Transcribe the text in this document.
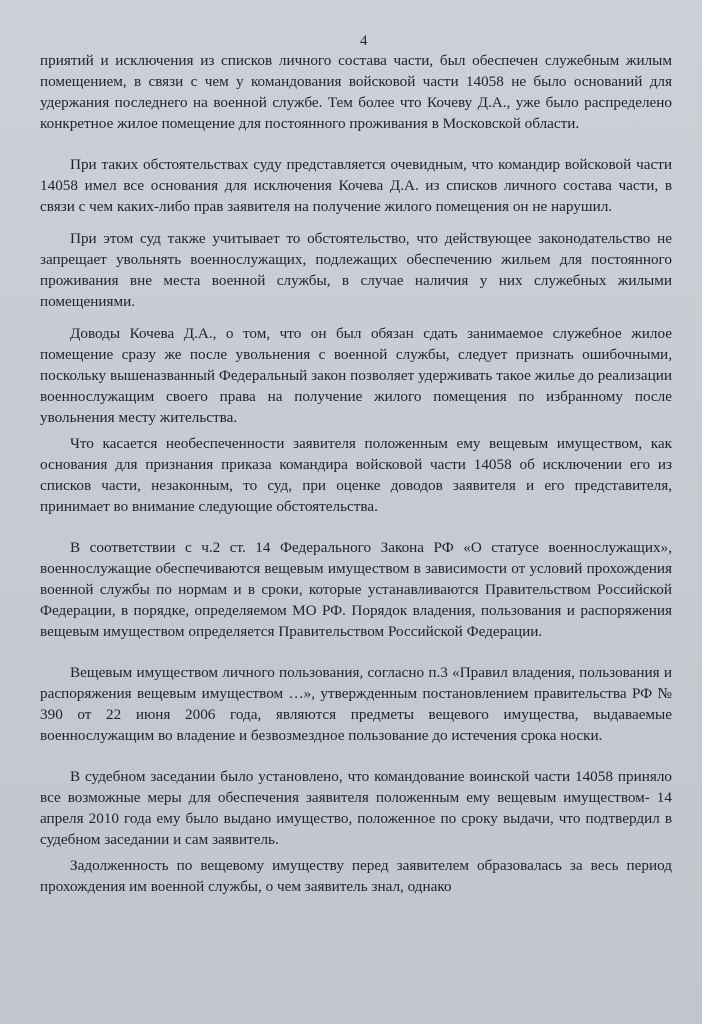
4

приятий и исключения из списков личного состава части, был обеспечен служебным жилым помещением, в связи с чем у командования войсковой части 14058 не было оснований для удержания последнего на военной службе. Тем более что Кочеву Д.А., уже было распределено конкретное жилое помещение для постоянного проживания в Московской области.

При таких обстоятельствах суду представляется очевидным, что командир войсковой части 14058 имел все основания для исключения Кочева Д.А. из списков личного состава части, в связи с чем каких-либо прав заявителя на получение жилого помещения он не нарушил.

При этом суд также учитывает то обстоятельство, что действующее законодательство не запрещает увольнять военнослужащих, подлежащих обеспечению жильем для постоянного проживания вне места военной службы, в случае наличия у них служебных жилыми помещениями.

Доводы Кочева Д.А., о том, что он был обязан сдать занимаемое служебное жилое помещение сразу же после увольнения с военной службы, следует признать ошибочными, поскольку вышеназванный Федеральный закон позволяет удерживать такое жилье до реализации военнослужащим своего права на получение жилого помещения по избранному после увольнения месту жительства.

Что касается необеспеченности заявителя положенным ему вещевым имуществом, как основания для признания приказа командира войсковой части 14058 об исключении его из списков части, незаконным, то суд, при оценке доводов заявителя и его представителя, принимает во внимание следующие обстоятельства.

В соответствии с ч.2 ст. 14 Федерального Закона РФ «О статусе военнослужащих», военнослужащие обеспечиваются вещевым имуществом в зависимости от условий прохождения военной службы по нормам и в сроки, которые устанавливаются Правительством Российской Федерации, в порядке, определяемом МО РФ. Порядок владения, пользования и распоряжения вещевым имуществом определяется Правительством Российской Федерации.

Вещевым имуществом личного пользования, согласно п.3 «Правил владения, пользования и распоряжения вещевым имуществом …», утвержденным постановлением правительства РФ № 390 от 22 июня 2006 года, являются предметы вещевого имущества, выдаваемые военнослужащим во владение и безвозмездное пользование до истечения срока носки.

В судебном заседании было установлено, что командование воинской части 14058 приняло все возможные меры для обеспечения заявителя положенным ему вещевым имуществом- 14 апреля 2010 года ему было выдано имущество, положенное по сроку выдачи, что подтвердил в судебном заседании и сам заявитель.

Задолженность по вещевому имуществу перед заявителем образовалась за весь период прохождения им военной службы, о чем заявитель знал, однако
